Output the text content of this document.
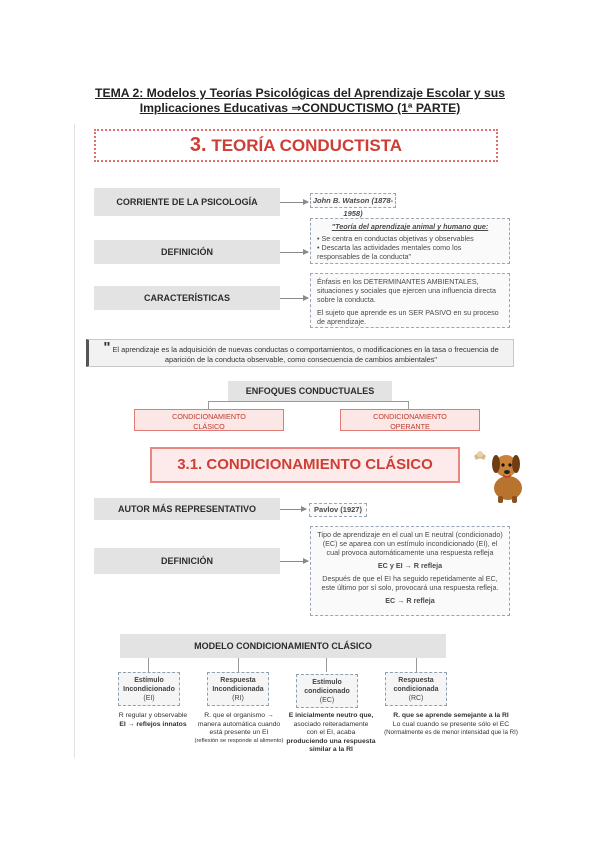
TEMA 2: Modelos y Teorías Psicológicas del Aprendizaje Escolar y sus
Implicaciones Educativas ⇒CONDUCTISMO (1ª PARTE)
3. TEORÍA CONDUCTISTA
CORRIENTE DE LA PSICOLOGÍA	John B. Watson (1878-1958)
DEFINICIÓN
"Teoría del aprendizaje animal y humano que:
• Se centra en conductas objetivas y observables
• Descarta las actividades mentales como los responsables de la conducta"
CARACTERÍSTICAS
Énfasis en los DETERMINANTES AMBIENTALES, situaciones y sociales que ejercen una influencia directa sobre la conducta.
El sujeto que aprende es un SER PASIVO en su proceso de aprendizaje.
" El aprendizaje es la adquisición de nuevas conductas o comportamientos, o modificaciones en la tasa o frecuencia de aparición de la conducta observable, como consecuencia de cambios ambientales"
ENFOQUES CONDUCTUALES
CONDICIONAMIENTO
CLÁSICO
CONDICIONAMIENTO
OPERANTE
3.1. CONDICIONAMIENTO CLÁSICO
AUTOR MÁS REPRESENTATIVO	Pavlov (1927)
DEFINICIÓN
Tipo de aprendizaje en el cual un E neutral (condicionado) (EC) se aparea con un estímulo incondicionado (EI), el cual provoca automáticamente una respuesta refleja
EC y EI → R refleja
Después de que el EI ha seguido repetidamente al EC, este último por sí solo, provocará una respuesta refleja.
EC → R refleja
MODELO CONDICIONAMIENTO CLÁSICO
Estímulo
Incondicionado
(EI)
Respuesta
Incondicionada
(RI)
Estímulo
condicionado
(EC)
Respuesta
condicionada
(RC)
R regular y observable
EI → reflejos innatos
R. que el organismo →
manera automática cuando
está presente un EI
(reflexión se responde al alimento)
E inicialmente neutro que,
asociado reiteradamente
con el EI, acaba
produciendo una respuesta
similar a la RI
R. que se aprende semejante a la RI
Lo cual cuando se presente sólo el EC
(Normalmente es de menor intensidad que la RI)
